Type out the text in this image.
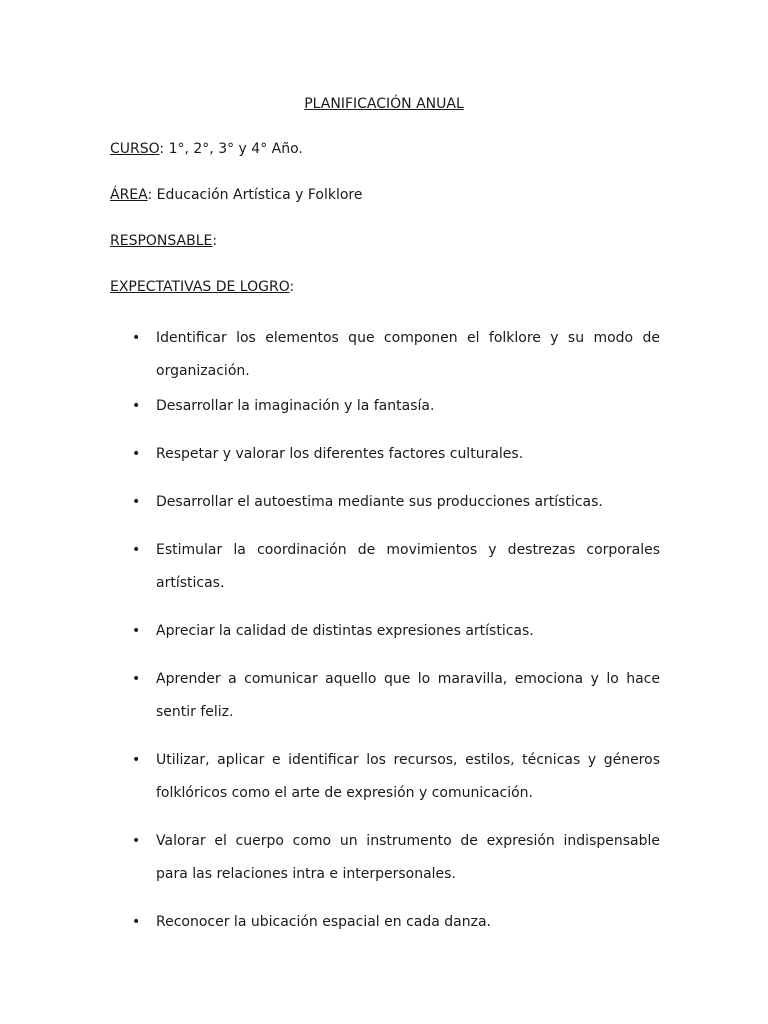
PLANIFICACIÓN ANUAL
CURSO: 1°, 2°, 3° y 4° Año.
ÁREA: Educación Artística y Folklore
RESPONSABLE:
EXPECTATIVAS DE LOGRO:
• Identificar los elementos que componen el folklore y su modo de organización.
• Desarrollar la imaginación y la fantasía.
• Respetar y valorar los diferentes factores culturales.
• Desarrollar el autoestima mediante sus producciones artísticas.
• Estimular la coordinación de movimientos y destrezas corporales artísticas.
• Apreciar la calidad de distintas expresiones artísticas.
• Aprender a comunicar aquello que lo maravilla, emociona y lo hace sentir feliz.
• Utilizar, aplicar e identificar los recursos, estilos, técnicas y géneros folklóricos como el arte de expresión y comunicación.
• Valorar el cuerpo como un instrumento de expresión indispensable para las relaciones intra e interpersonales.
• Reconocer la ubicación espacial en cada danza.
